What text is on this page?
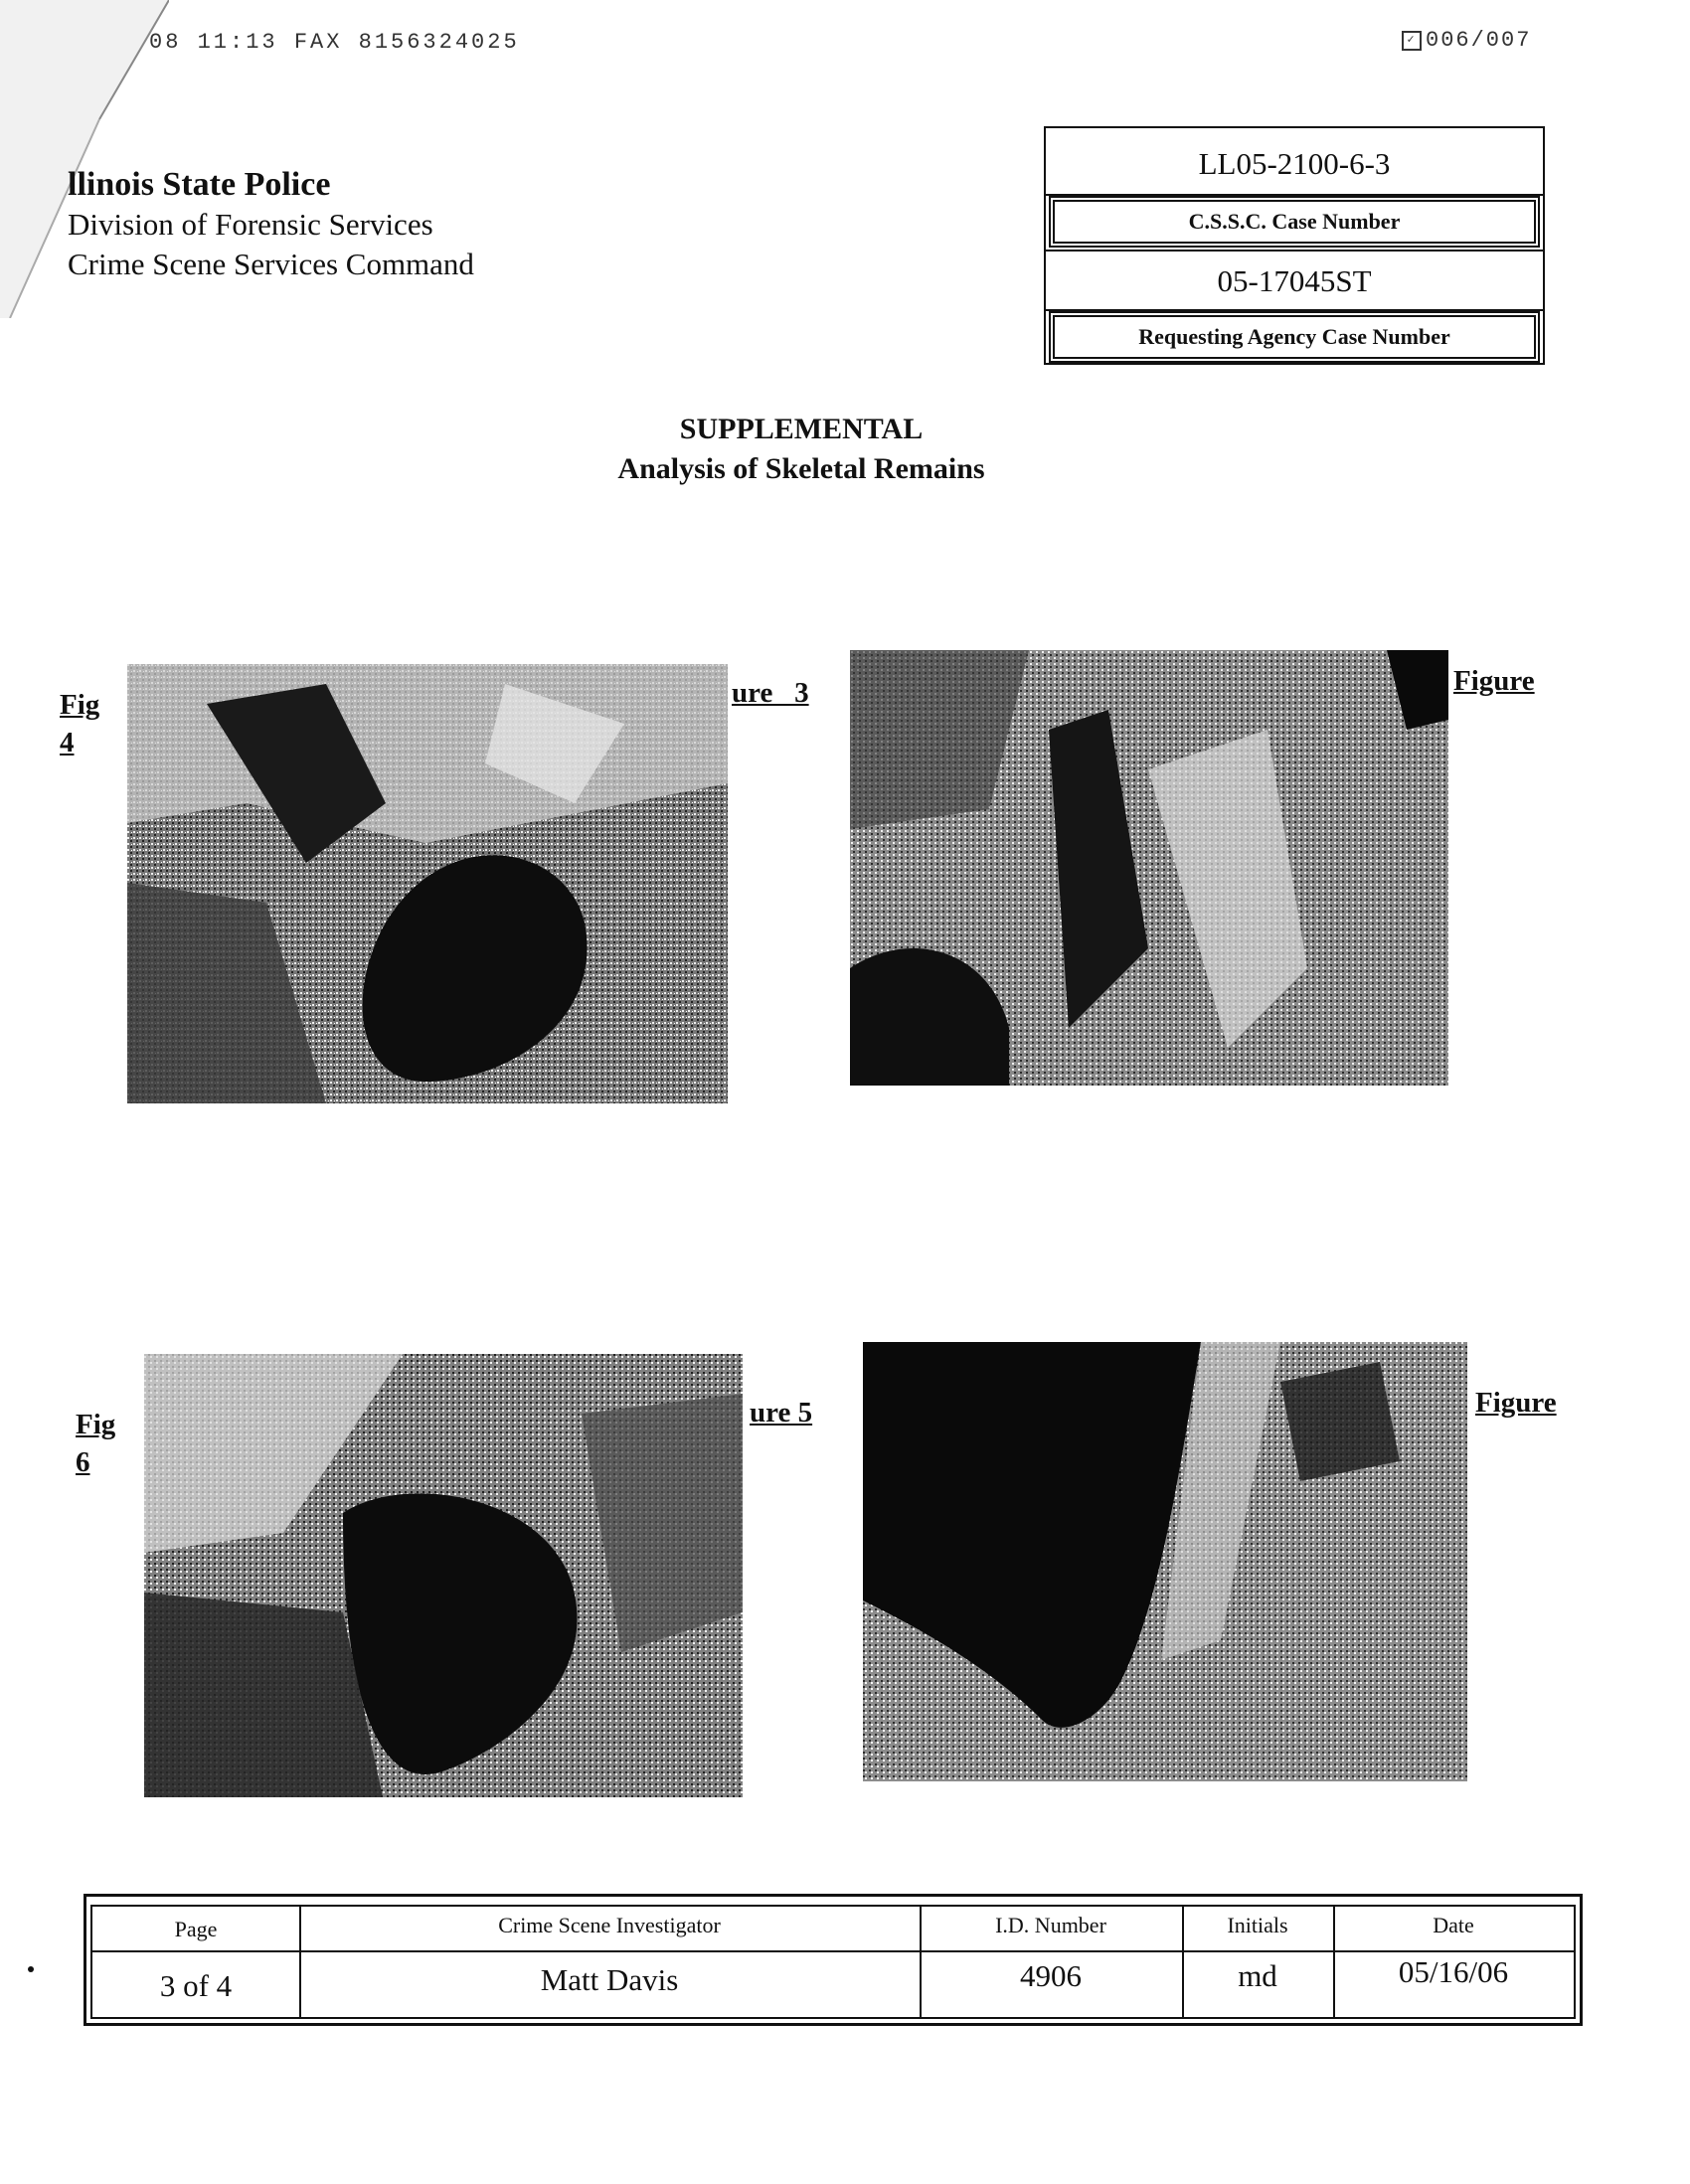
08 11:13 FAX 8156324025	✓ 006/007
llinois State Police
Division of Forensic Services
Crime Scene Services Command
LL05-2100-6-3
C.S.S.C. Case Number
05-17045ST
Requesting Agency Case Number
SUPPLEMENTAL
Analysis of Skeletal Remains
Fig
4
ure   3	Figure
Fig
6
ure 5	Figure
Page	Crime Scene Investigator	I.D. Number	Initials	Date
3 of 4	Matt Davis	4906	md	05/16/06
